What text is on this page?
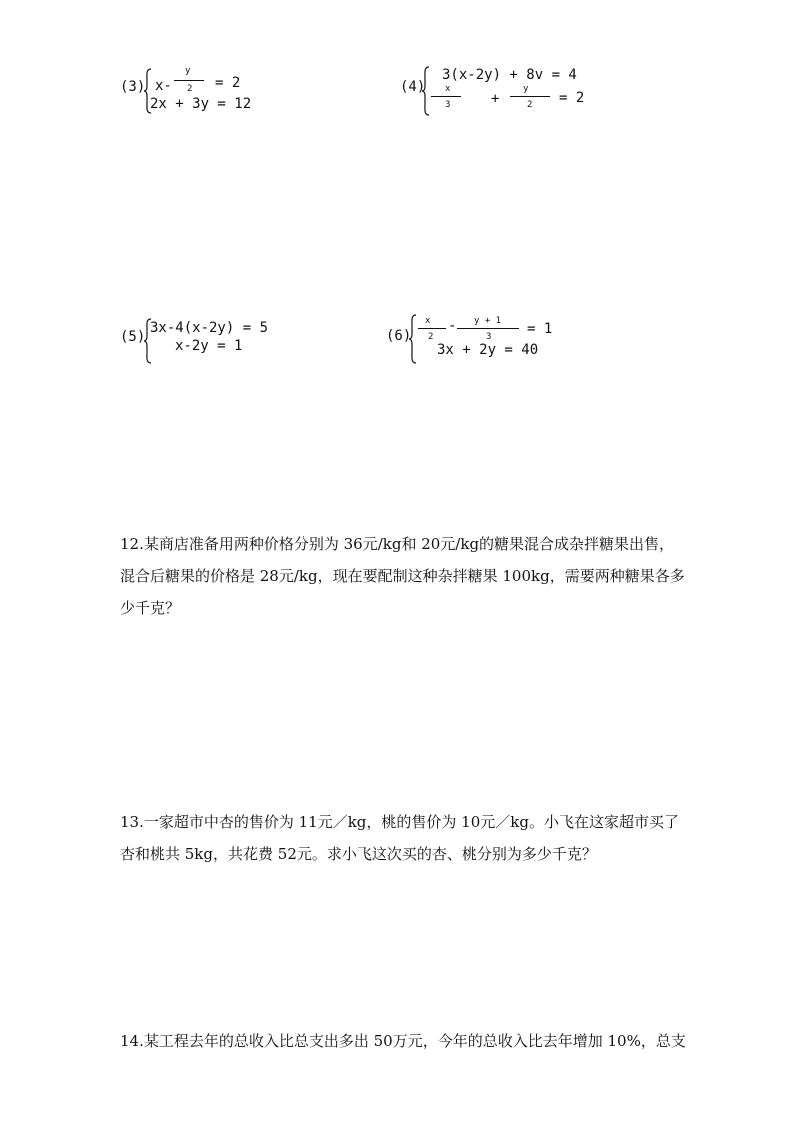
(3) x-
y
2 = 2
2x + 3y = 12
(4)
3(x-2y) + 8v = 4
x
3	+
y
2 = 2
(5)
3x-4(x-2y) = 5
x-2y = 1
(6)
x
2
- y + 1
3	= 1
3x + 2y = 40
12.某商店准备用两种价格分别为 36元/kg和 20元/kg的糖果混合成杂拌糖果出售，
混合后糖果的价格是 28元/kg，现在要配制这种杂拌糖果 100kg，需要两种糖果各多
少千克？
13.一家超市中杏的售价为 11元／kg，桃的售价为 10元／kg。小飞在这家超市买了
杏和桃共 5kg，共花费 52元。求小飞这次买的杏、桃分别为多少千克？
14.某工程去年的总收入比总支出多出 50万元，今年的总收入比去年增加 10%，总支
